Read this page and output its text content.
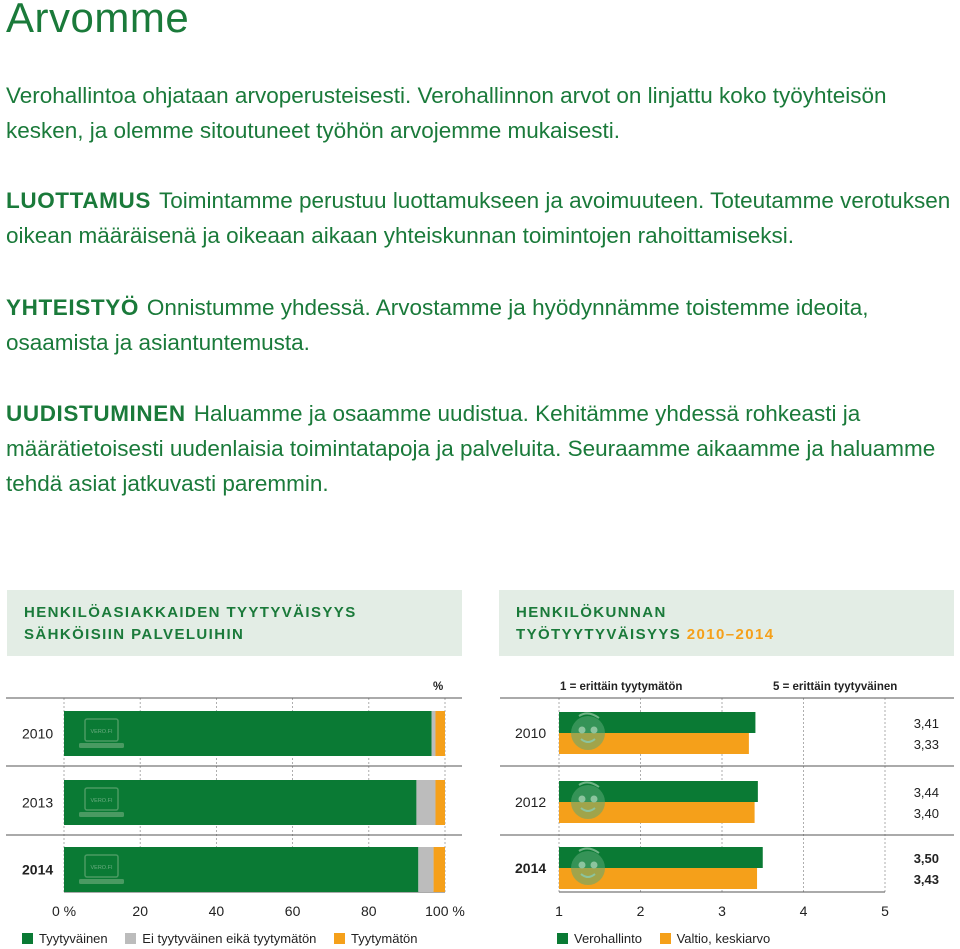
Arvomme

Verohallintoa ohjataan arvoperusteisesti. Verohallinnon arvot on linjattu koko työyhteisön kesken, ja olemme sitoutuneet työhön arvojemme mukaisesti.

LUOTTAMUS Toimintamme perustuu luottamukseen ja avoimuuteen. Toteutamme verotuksen oikean määräisenä ja oikeaan aikaan yhteiskunnan toimintojen rahoittamiseksi.

YHTEISTYÖ Onnistumme yhdessä. Arvostamme ja hyödynnämme toistemme ideoita, osaamista ja asiantuntemusta.

UUDISTUMINEN Haluamme ja osaamme uudistua. Kehitämme yhdessä rohkeasti ja määrätietoisesti uudenlaisia toimintatapoja ja palveluita. Seuraamme aikaamme ja haluamme tehdä asiat jatkuvasti paremmin.

HENKILÖASIAKKAIDEN TYYTYVÄISYYS
SÄHKÖISIIN PALVELUIHIN
HENKILÖKUNNAN
TYÖTYYTYVÄISYYS 2010–2014
%	1 = erittäin tyytymätön	5 = erittäin tyytyväinen
2010	VERO.FI
2013	VERO.FI
2014	VERO.FI
0 %	20	40	60	80	100 %
3,41
3,33
2010
3,44
3,40
2012
3,50
3,43
2014
1	2	3	4	5
Tyytyväinen	Ei tyytyväinen eikä tyytymätön	Tyytymätön	Verohallinto	Valtio, keskiarvo
